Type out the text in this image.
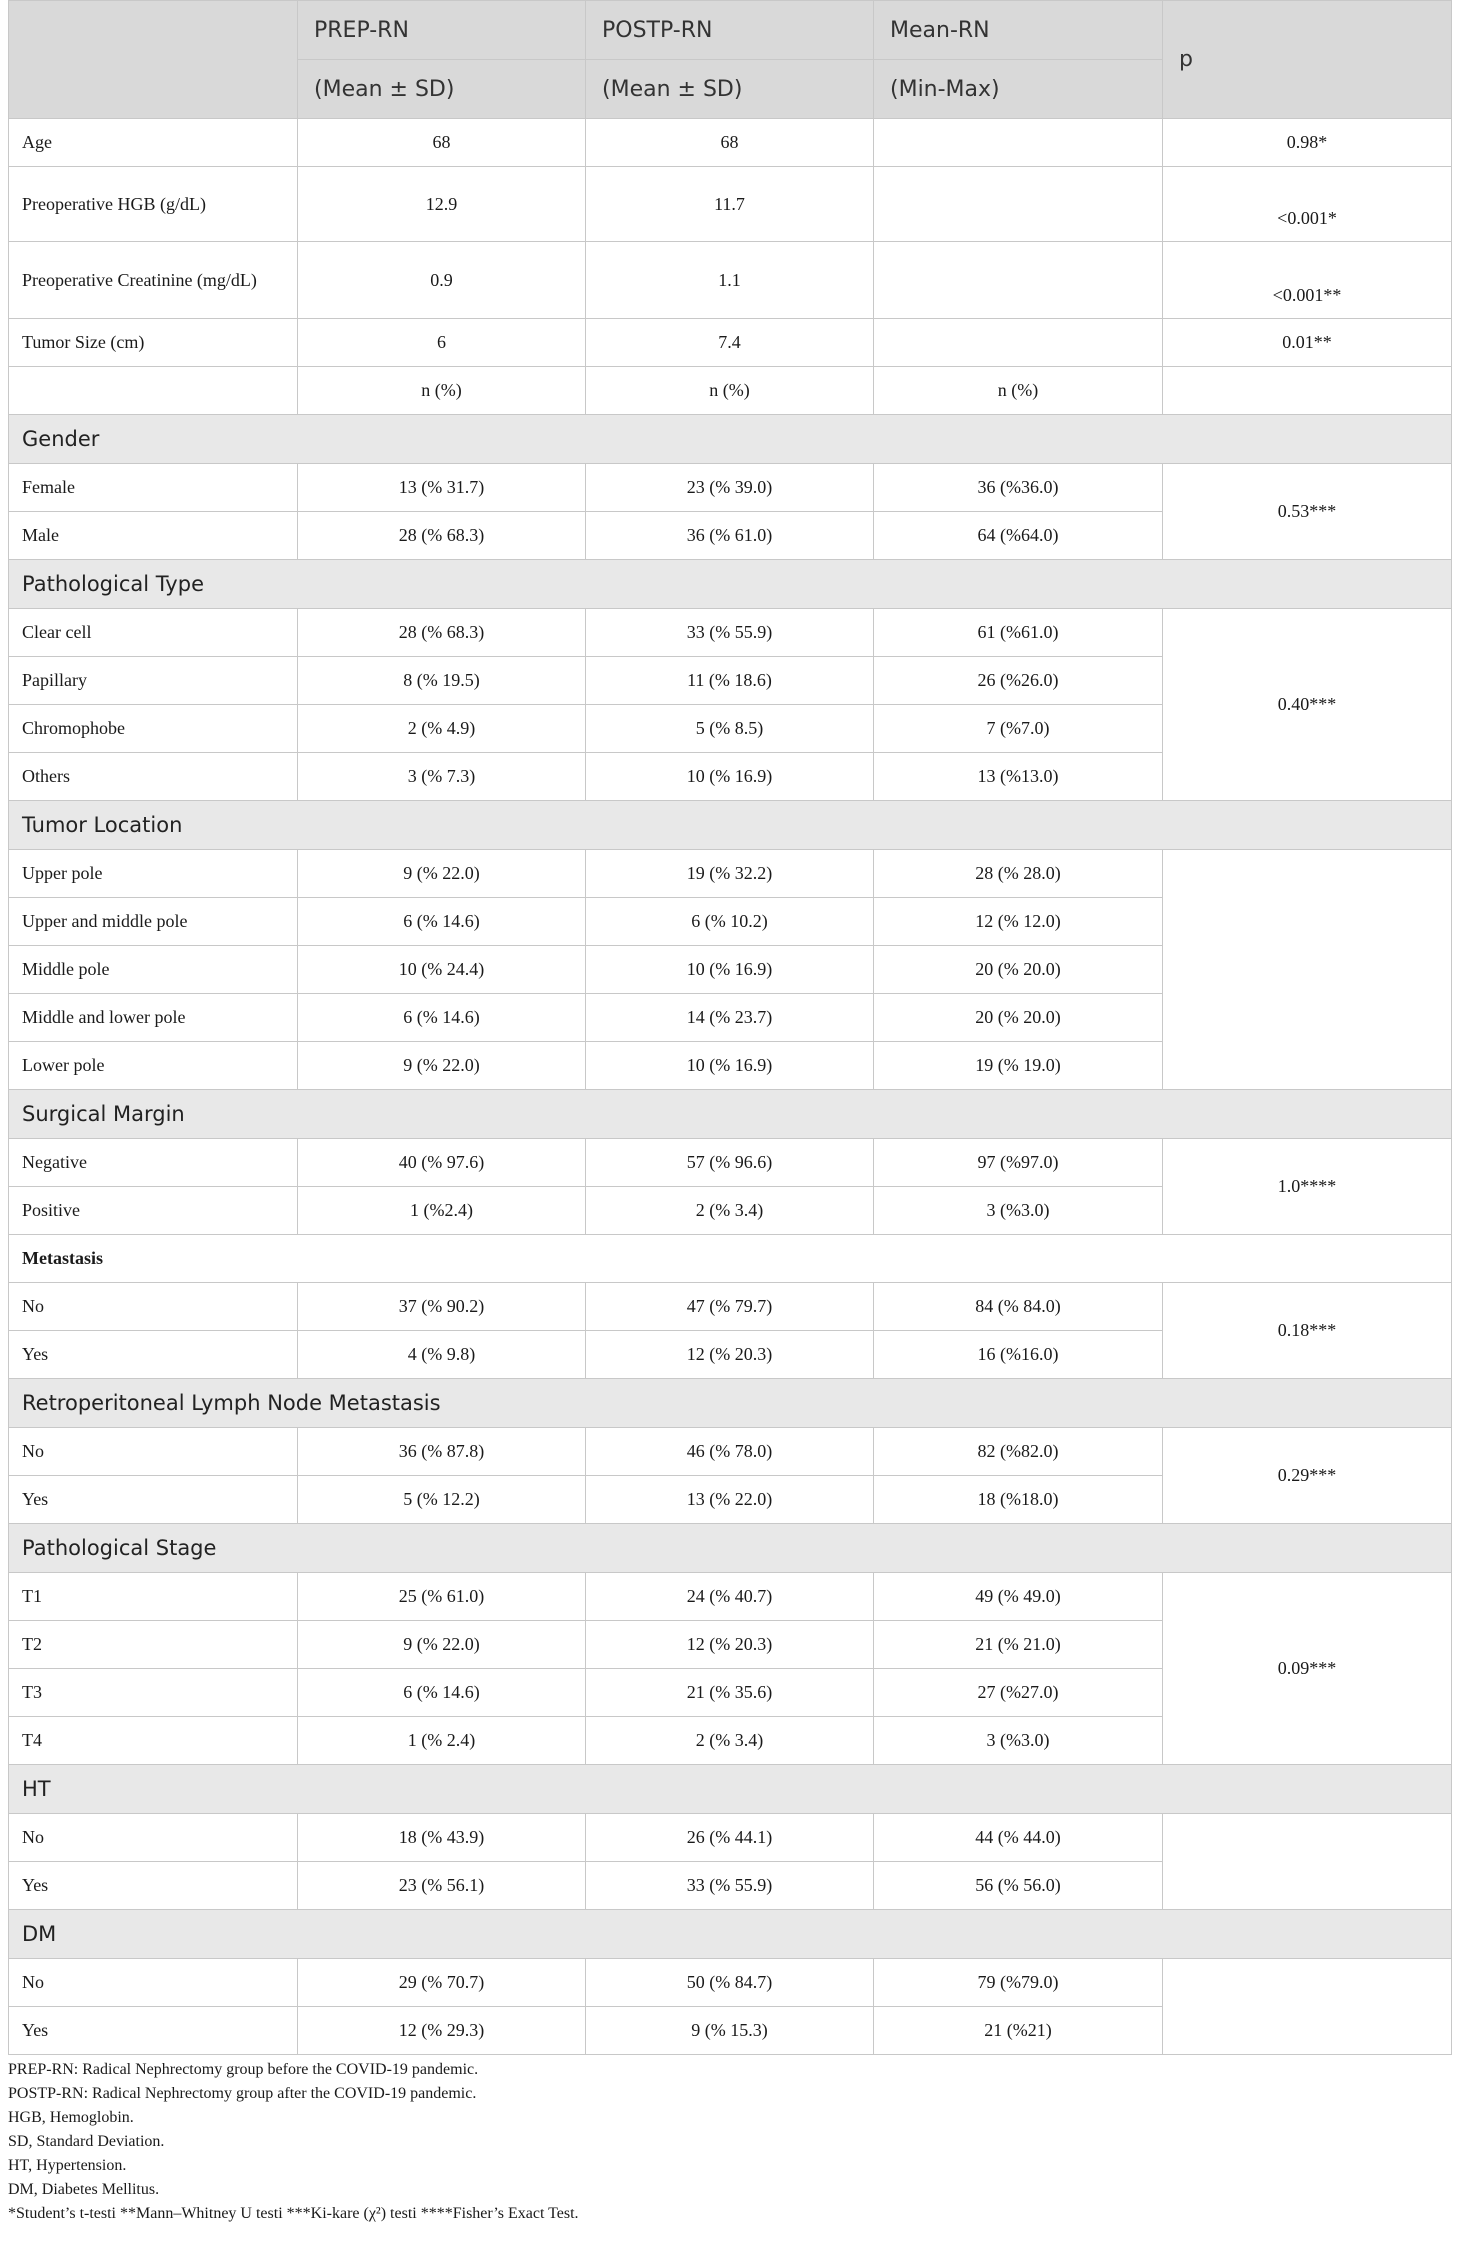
	PREP-RN	POSTP-RN	Mean-RN	p
	(Mean ± SD)	(Mean ± SD)	(Min-Max)	
Age	68	68		0.98*
Preoperative HGB (g/dL)	12.9	11.7		<0.001*
Preoperative Creatinine (mg/dL)	0.9	1.1		<0.001**
Tumor Size (cm)	6	7.4		0.01**
	n (%)	n (%)	n (%)	
Gender				
Female	13 (% 31.7)	23 (% 39.0)	36 (%36.0)	0.53***
Male	28 (% 68.3)	36 (% 61.0)	64 (%64.0)	
Pathological Type				
Clear cell	28 (% 68.3)	33 (% 55.9)	61 (%61.0)	0.40***
Papillary	8 (% 19.5)	11 (% 18.6)	26 (%26.0)	
Chromophobe	2 (% 4.9)	5 (% 8.5)	7 (%7.0)	
Others	3 (% 7.3)	10 (% 16.9)	13 (%13.0)	
Tumor Location				
Upper pole	9 (% 22.0)	19 (% 32.2)	28 (% 28.0)	
Upper and middle pole	6 (% 14.6)	6 (% 10.2)	12 (% 12.0)	
Middle pole	10 (% 24.4)	10 (% 16.9)	20 (% 20.0)	
Middle and lower pole	6 (% 14.6)	14 (% 23.7)	20 (% 20.0)	
Lower pole	9 (% 22.0)	10 (% 16.9)	19 (% 19.0)	
Surgical Margin				
Negative	40 (% 97.6)	57 (% 96.6)	97 (%97.0)	1.0****
Positive	1 (%2.4)	2 (% 3.4)	3 (%3.0)	
Metastasis				
No	37 (% 90.2)	47 (% 79.7)	84 (% 84.0)	0.18***
Yes	4 (% 9.8)	12 (% 20.3)	16 (%16.0)	
Retroperitoneal Lymph Node Metastasis				
No	36 (% 87.8)	46 (% 78.0)	82 (%82.0)	0.29***
Yes	5 (% 12.2)	13 (% 22.0)	18 (%18.0)	
Pathological Stage				
T1	25 (% 61.0)	24 (% 40.7)	49 (% 49.0)	0.09***
T2	9 (% 22.0)	12 (% 20.3)	21 (% 21.0)	
T3	6 (% 14.6)	21 (% 35.6)	27 (%27.0)	
T4	1 (% 2.4)	2 (% 3.4)	3 (%3.0)	
HT				
No	18 (% 43.9)	26 (% 44.1)	44 (% 44.0)	
Yes	23 (% 56.1)	33 (% 55.9)	56 (% 56.0)	
DM				
No	29 (% 70.7)	50 (% 84.7)	79 (%79.0)	
Yes	12 (% 29.3)	9 (% 15.3)	21 (%21)	
PREP-RN: Radical Nephrectomy group before the COVID-19 pandemic.
POSTP-RN: Radical Nephrectomy group after the COVID-19 pandemic.
HGB, Hemoglobin.
SD, Standard Deviation.
HT, Hypertension.
DM, Diabetes Mellitus.
*Student’s t-testi **Mann–Whitney U testi ***Ki-kare (χ²) testi ****Fisher’s Exact Test.
